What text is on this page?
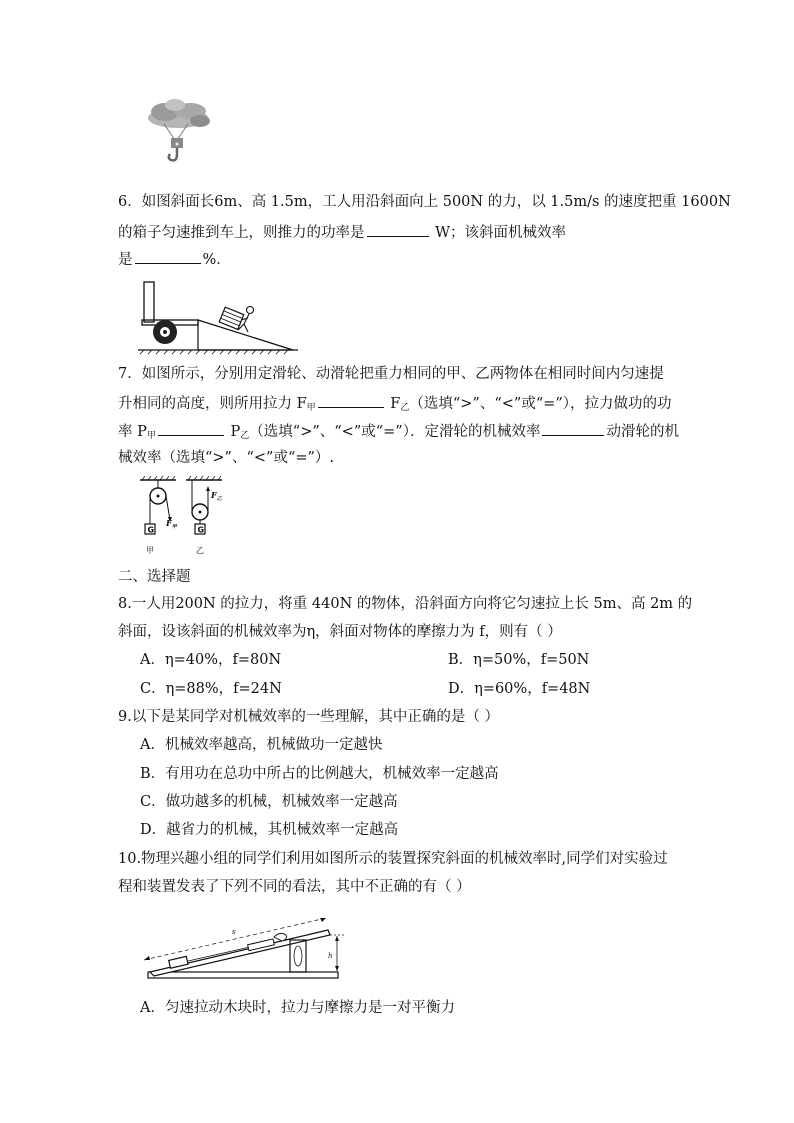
6．如图斜面长6m、高 1.5m，工人用沿斜面向上 500N 的力，以 1.5m/s 的速度把重 1600N
的箱子匀速推到车上，则推力的功率是	W；该斜面机械效率
是	%．
7．如图所示，分别用定滑轮、动滑轮把重力相同的甲、乙两物体在相同时间内匀速提
升相同的高度，则所用拉力 $F_甲$	$F_乙$（选填“>”、“<”或“=”），拉力做功的功
率 $P_甲$	$P_乙$（选填“>”、“<”或“=”）．定滑轮的机械效率	动滑轮的机
械效率（选填“>”、“<”或“=”）.
G
$F_甲$
甲
G
$F_乙$
乙
二、选择题
8.一人用200N 的拉力，将重 440N 的物体，沿斜面方向将它匀速拉上长 5m、高 2m 的
斜面，设该斜面的机械效率为η，斜面对物体的摩擦力为 f，则有（ ）
A．η=40%，f=80N	B．η=50%，f=50N
C．η=88%，f=24N	D．η=60%，f=48N
9.以下是某同学对机械效率的一些理解，其中正确的是（ ）
A．机械效率越高，机械做功一定越快
B．有用功在总功中所占的比例越大，机械效率一定越高
C．做功越多的机械，机械效率一定越高
D．越省力的机械，其机械效率一定越高
10.物理兴趣小组的同学们利用如图所示的装置探究斜面的机械效率时,同学们对实验过
程和装置发表了下列不同的看法，其中不正确的有（ ）
s
h
A．匀速拉动木块时，拉力与摩擦力是一对平衡力
